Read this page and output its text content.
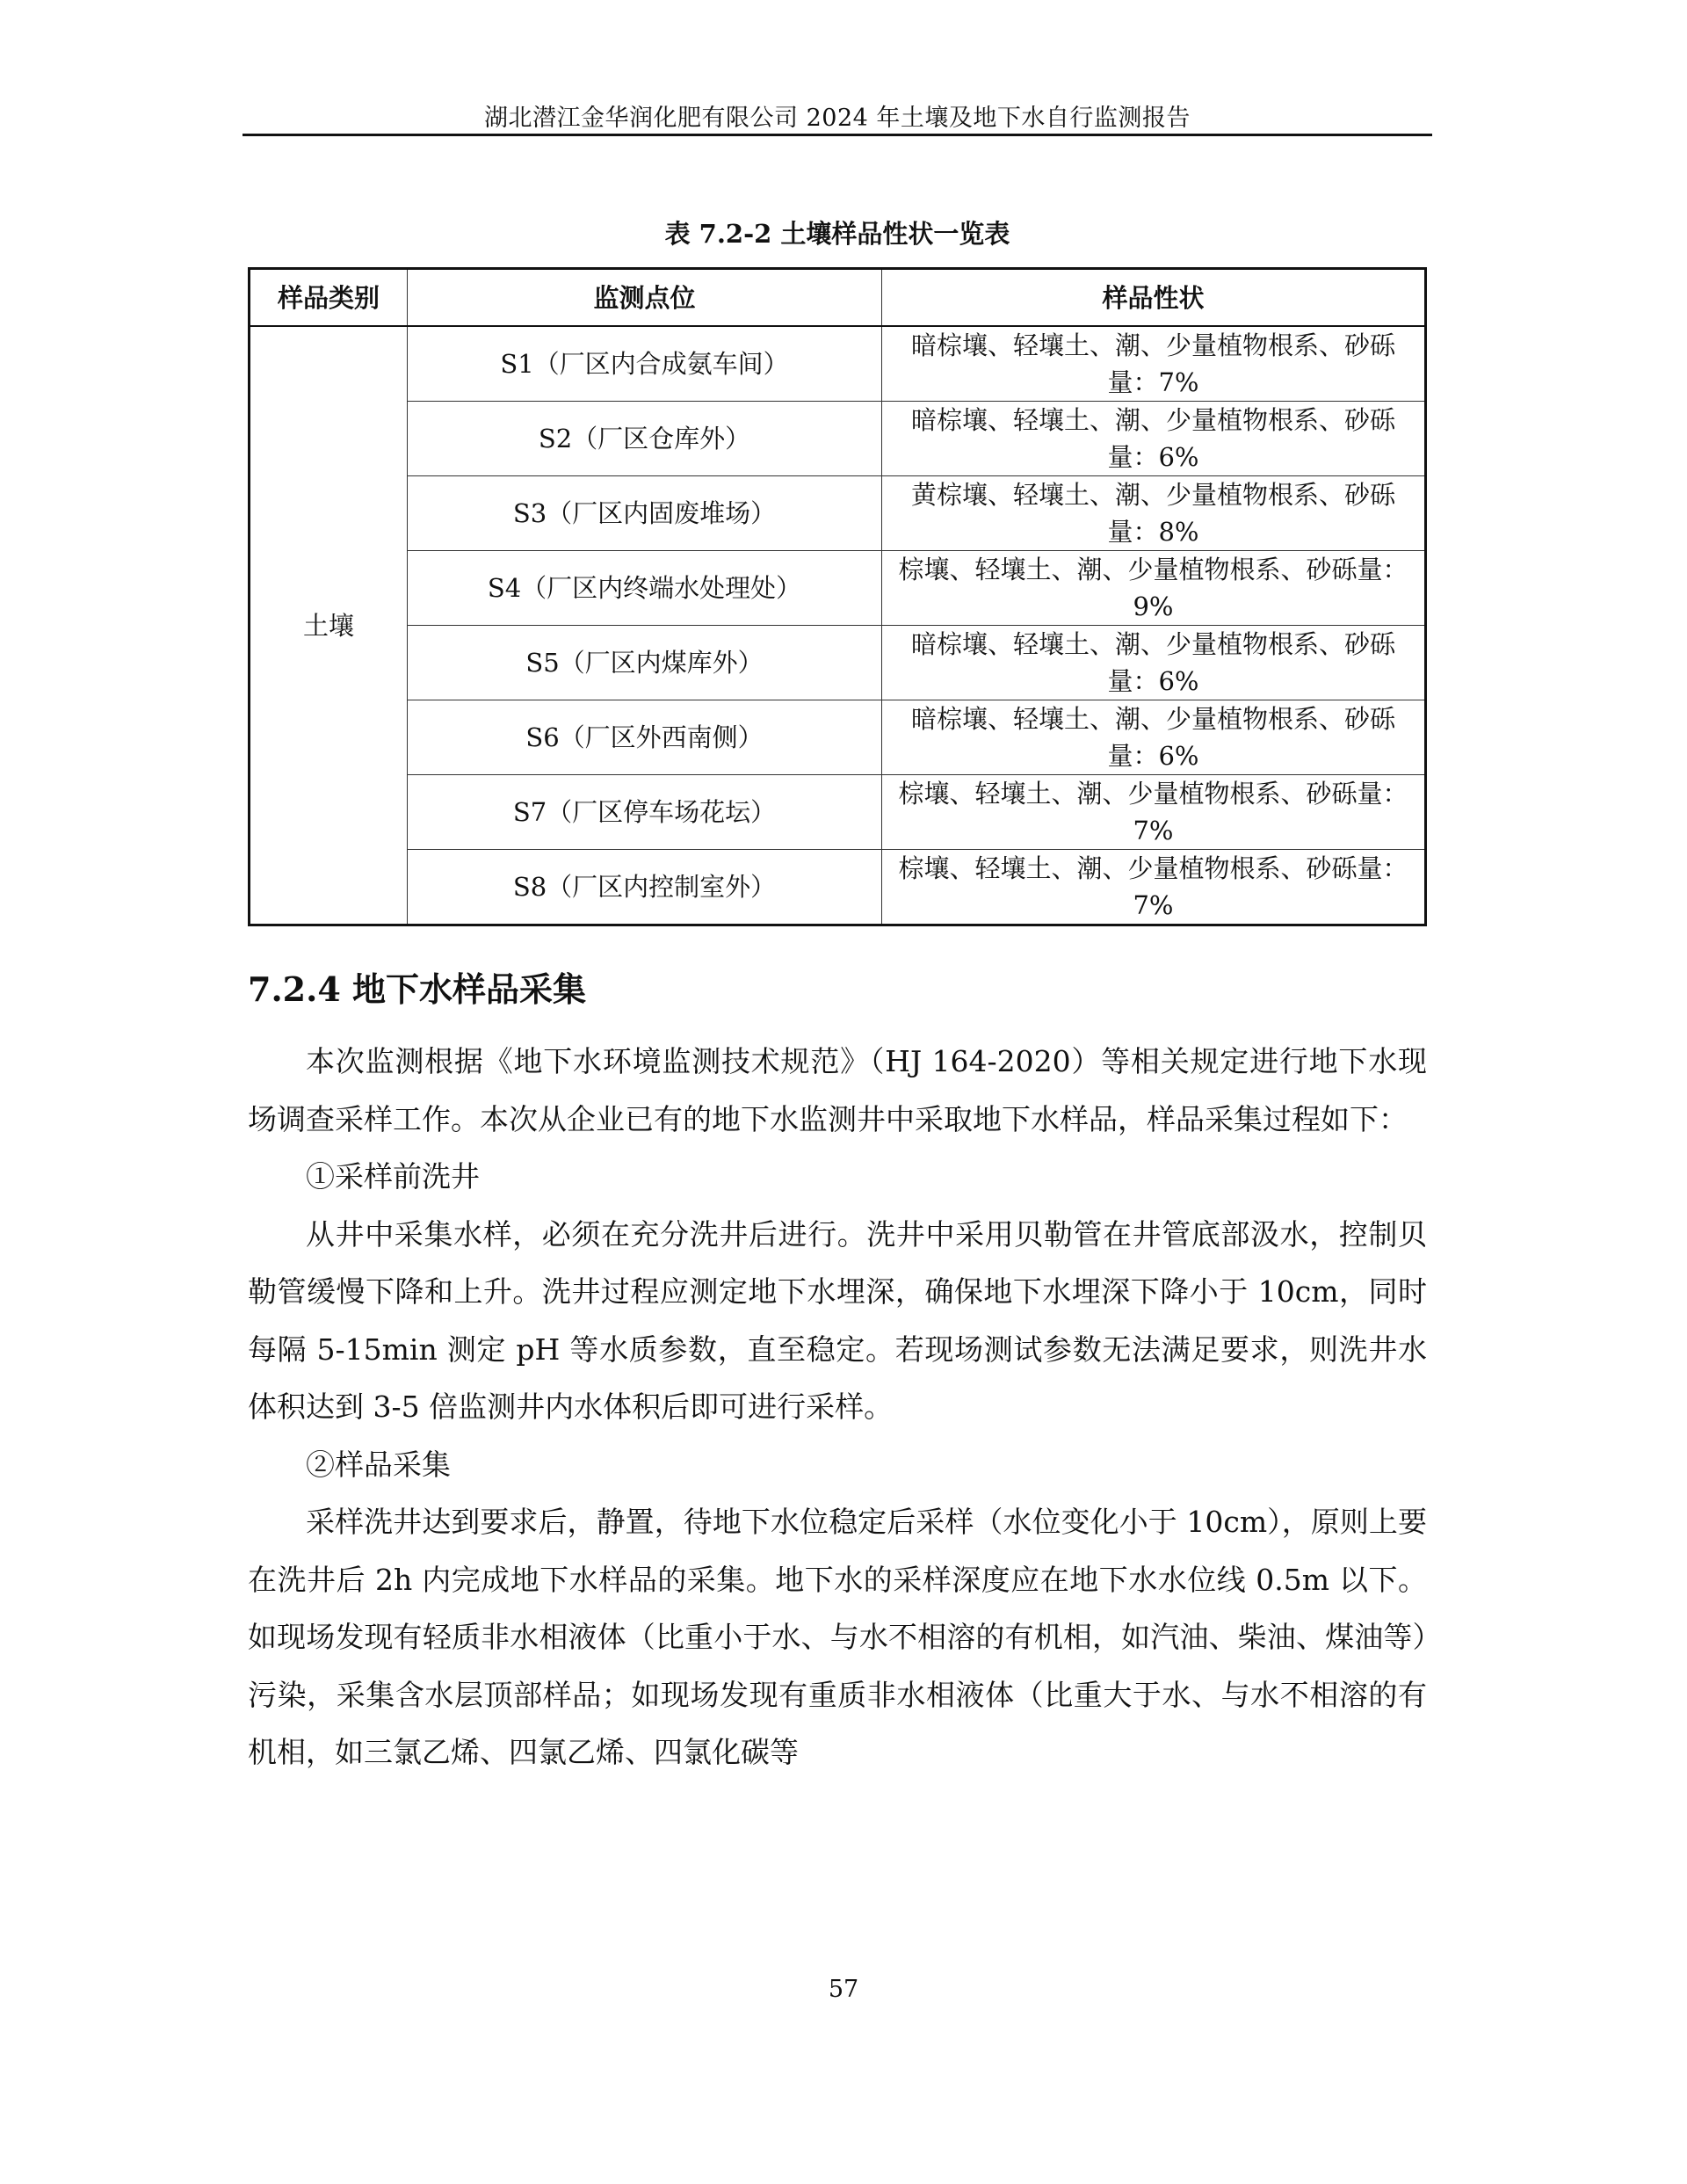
湖北潜江金华润化肥有限公司 2024 年土壤及地下水自行监测报告
表 7.2-2 土壤样品性状一览表
样品类别	监测点位	样品性状
土壤	S1（厂区内合成氨车间）	暗棕壤、轻壤土、潮、少量植物根系、砂砾量：7%
	S2（厂区仓库外）	暗棕壤、轻壤土、潮、少量植物根系、砂砾量：6%
	S3（厂区内固废堆场）	黄棕壤、轻壤土、潮、少量植物根系、砂砾量：8%
	S4（厂区内终端水处理处）	棕壤、轻壤土、潮、少量植物根系、砂砾量：9%
	S5（厂区内煤库外）	暗棕壤、轻壤土、潮、少量植物根系、砂砾量：6%
	S6（厂区外西南侧）	暗棕壤、轻壤土、潮、少量植物根系、砂砾量：6%
	S7（厂区停车场花坛）	棕壤、轻壤土、潮、少量植物根系、砂砾量：7%
	S8（厂区内控制室外）	棕壤、轻壤土、潮、少量植物根系、砂砾量：7%
7.2.4 地下水样品采集

本次监测根据《地下水环境监测技术规范》（HJ 164-2020）等相关规定进行地下水现场调查采样工作。本次从企业已有的地下水监测井中采取地下水样品，样品采集过程如下：

①采样前洗井

从井中采集水样，必须在充分洗井后进行。洗井中采用贝勒管在井管底部汲水，控制贝勒管缓慢下降和上升。洗井过程应测定地下水埋深，确保地下水埋深下降小于 10cm，同时每隔 5-15min 测定 pH 等水质参数，直至稳定。若现场测试参数无法满足要求，则洗井水体积达到 3-5 倍监测井内水体积后即可进行采样。

②样品采集

采样洗井达到要求后，静置，待地下水位稳定后采样（水位变化小于 10cm），原则上要在洗井后 2h 内完成地下水样品的采集。地下水的采样深度应在地下水水位线 0.5m 以下。如现场发现有轻质非水相液体（比重小于水、与水不相溶的有机相，如汽油、柴油、煤油等）污染，采集含水层顶部样品；如现场发现有重质非水相液体（比重大于水、与水不相溶的有机相，如三氯乙烯、四氯乙烯、四氯化碳等

57
